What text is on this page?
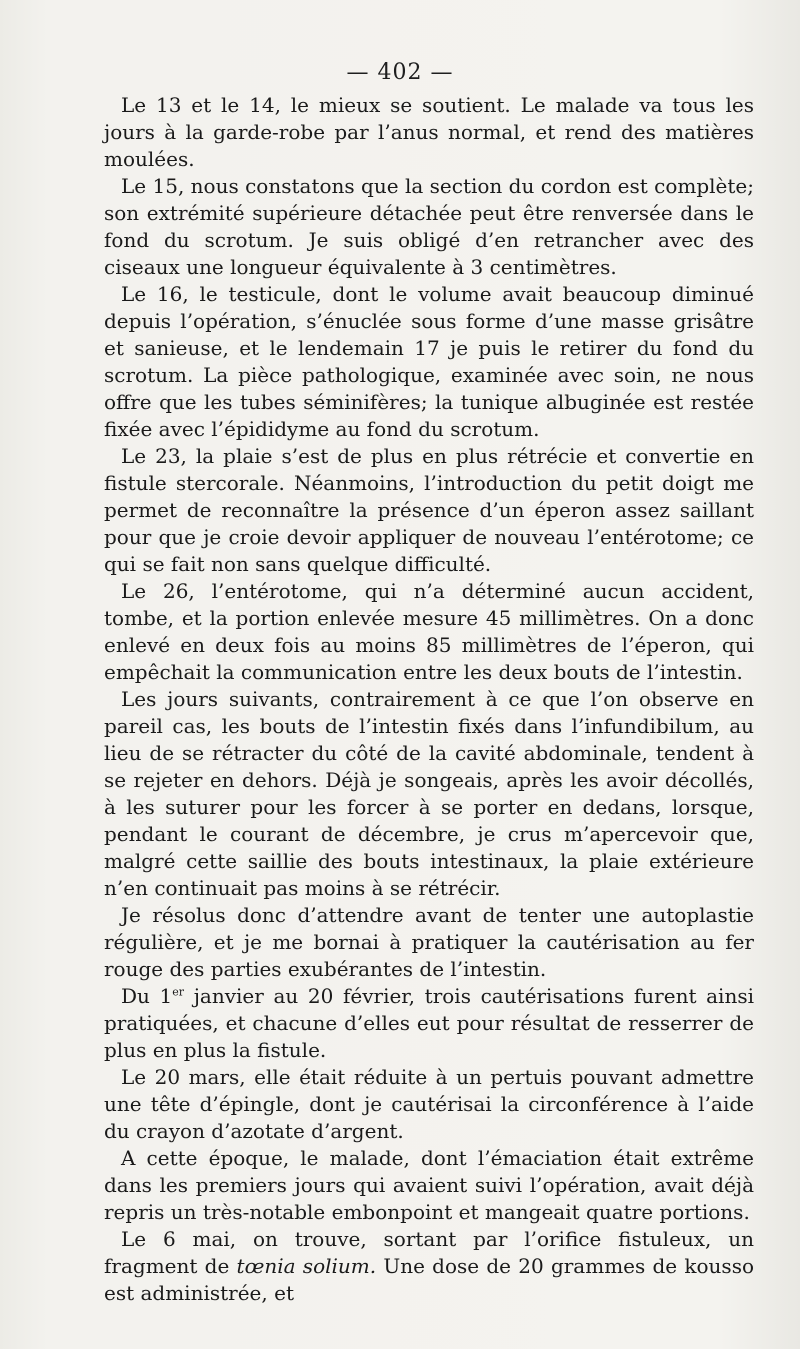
— 402 —

Le 13 et le 14, le mieux se soutient. Le malade va tous les jours à la garde-robe par l’anus normal, et rend des matières moulées.

Le 15, nous constatons que la section du cordon est complète; son extrémité supérieure détachée peut être renversée dans le fond du scrotum. Je suis obligé d’en retrancher avec des ciseaux une longueur équivalente à 3 centimètres.

Le 16, le testicule, dont le volume avait beaucoup diminué depuis l’opération, s’énuclée sous forme d’une masse grisâtre et sanieuse, et le lendemain 17 je puis le retirer du fond du scrotum. La pièce pathologique, examinée avec soin, ne nous offre que les tubes séminifères; la tunique albuginée est restée fixée avec l’épididyme au fond du scrotum.

Le 23, la plaie s’est de plus en plus rétrécie et convertie en fistule stercorale. Néanmoins, l’introduction du petit doigt me permet de reconnaître la présence d’un éperon assez saillant pour que je croie devoir appliquer de nouveau l’entérotome; ce qui se fait non sans quelque difficulté.

Le 26, l’entérotome, qui n’a déterminé aucun accident, tombe, et la portion enlevée mesure 45 millimètres. On a donc enlevé en deux fois au moins 85 millimètres de l’éperon, qui empêchait la communication entre les deux bouts de l’intestin.

Les jours suivants, contrairement à ce que l’on observe en pareil cas, les bouts de l’intestin fixés dans l’infundibilum, au lieu de se rétracter du côté de la cavité abdominale, tendent à se rejeter en dehors. Déjà je songeais, après les avoir décollés, à les suturer pour les forcer à se porter en dedans, lorsque, pendant le courant de décembre, je crus m’apercevoir que, malgré cette saillie des bouts intestinaux, la plaie extérieure n’en continuait pas moins à se rétrécir.

Je résolus donc d’attendre avant de tenter une autoplastie régulière, et je me bornai à pratiquer la cautérisation au fer rouge des parties exubérantes de l’intestin.

Du 1er janvier au 20 février, trois cautérisations furent ainsi pratiquées, et chacune d’elles eut pour résultat de resserrer de plus en plus la fistule.

Le 20 mars, elle était réduite à un pertuis pouvant admettre une tête d’épingle, dont je cautérisai la circonférence à l’aide du crayon d’azotate d’argent.

A cette époque, le malade, dont l’émaciation était extrême dans les premiers jours qui avaient suivi l’opération, avait déjà repris un très-notable embonpoint et mangeait quatre portions.

Le 6 mai, on trouve, sortant par l’orifice fistuleux, un fragment de tœnia solium. Une dose de 20 grammes de kousso est administrée, et
